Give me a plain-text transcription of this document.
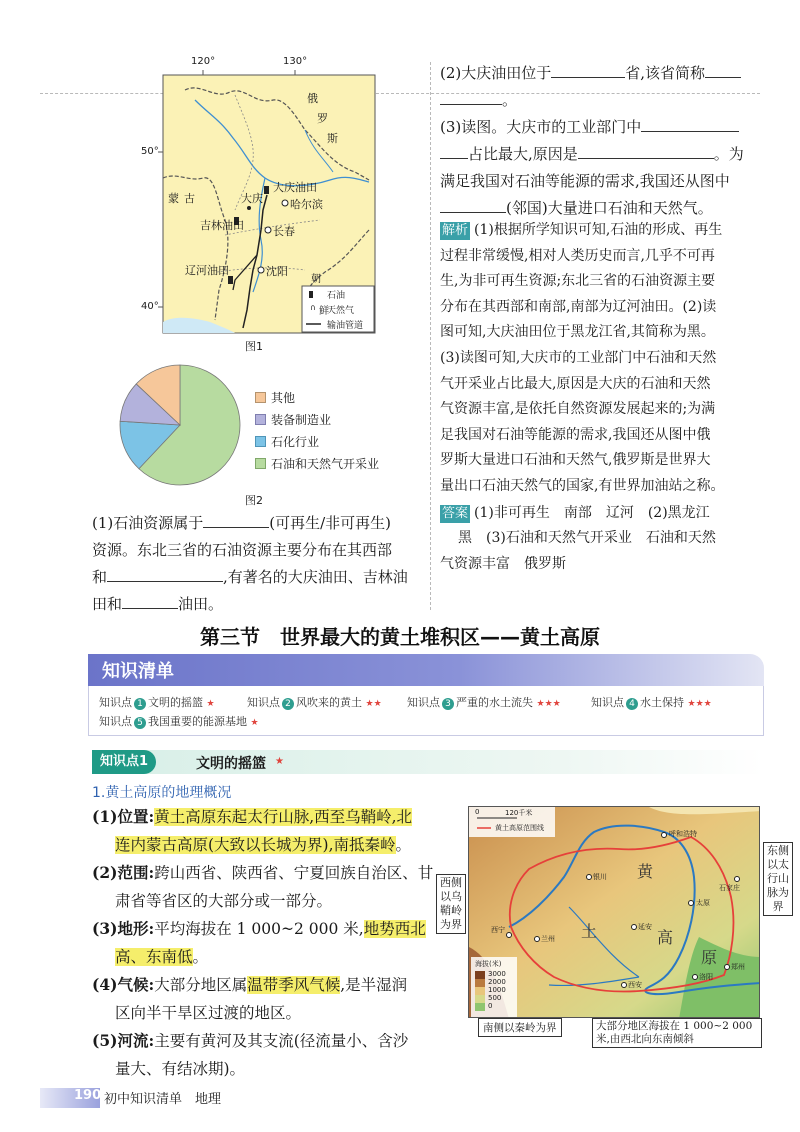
∩
120°	130°
50°
40°
俄
罗
斯
蒙 古
朝
鲜
大庆油田
哈尔滨
大庆
吉林油田	长春
辽河油田	沈阳
石油
天然气
输油管道
图1
其他
装备制造业
石化行业
石油和天然气开采业
图2
(1)石油资源属于	(可再生/非可再生)
资源。东北三省的石油资源主要分布在其西部
和	,有著名的大庆油田、吉林油
田和	油田。
(2)大庆油田位于	省,该省简称
。
(3)读图。大庆市的工业部门中
占比最大,原因是	。为
满足我国对石油等能源的需求,我国还从图中
(邻国)大量进口石油和天然气。
解析 (1)根据所学知识可知,石油的形成、再生
过程非常缓慢,相对人类历史而言,几乎不可再
生,为非可再生资源;东北三省的石油资源主要
分布在其西部和南部,南部为辽河油田。(2)读
图可知,大庆油田位于黑龙江省,其简称为黑。
(3)读图可知,大庆市的工业部门中石油和天然
气开采业占比最大,原因是大庆的石油和天然
气资源丰富,是依托自然资源发展起来的;为满
足我国对石油等能源的需求,我国还从图中俄
罗斯大量进口石油和天然气,俄罗斯是世界大
量出口石油天然气的国家,有世界加油站之称。
答案 (1)非可再生　南部　辽河　(2)黑龙江
黑　(3)石油和天然气开采业　石油和天然
气资源丰富　俄罗斯
第三节　世界最大的黄土堆积区——黄土高原
知识清单
知识点 1 文明的摇篮 ★	知识点 2 风吹来的黄土 ★★ 知识点 3 严重的水土流失 ★★★	知识点 4 水土保持 ★★★
知识点 5 我国重要的能源基地 ★
知识点1	文明的摇篮 ★
1.黄土高原的地理概况
(1)位置:黄土高原东起太行山脉,西至乌鞘岭,北
连内蒙古高原(大致以长城为界),南抵秦岭。
(2)范围:跨山西省、陕西省、宁夏回族自治区、甘
肃省等省区的大部分或一部分。
(3)地形:平均海拔在 1 000~2 000 米,地势西北
高、东南低。
(4)气候:大部分地区属温带季风气候,是半湿润
区向半干旱区过渡的地区。
(5)河流:主要有黄河及其支流(径流量小、含沙
量大、有结冰期)。
0	120千米
黄土高原范围线
黄
土	高
原
呼和浩特
银川
太原
兰州
西宁	延安
西安
郑州
洛阳
石家庄
海拔(米)
3000
2000
1000
500
0
西侧以乌鞘岭为界
东侧以太行山脉为界
南侧以秦岭为界	大部分地区海拔在 1 000~2 000 米,由西北向东南倾斜
190 初中知识清单　地理
